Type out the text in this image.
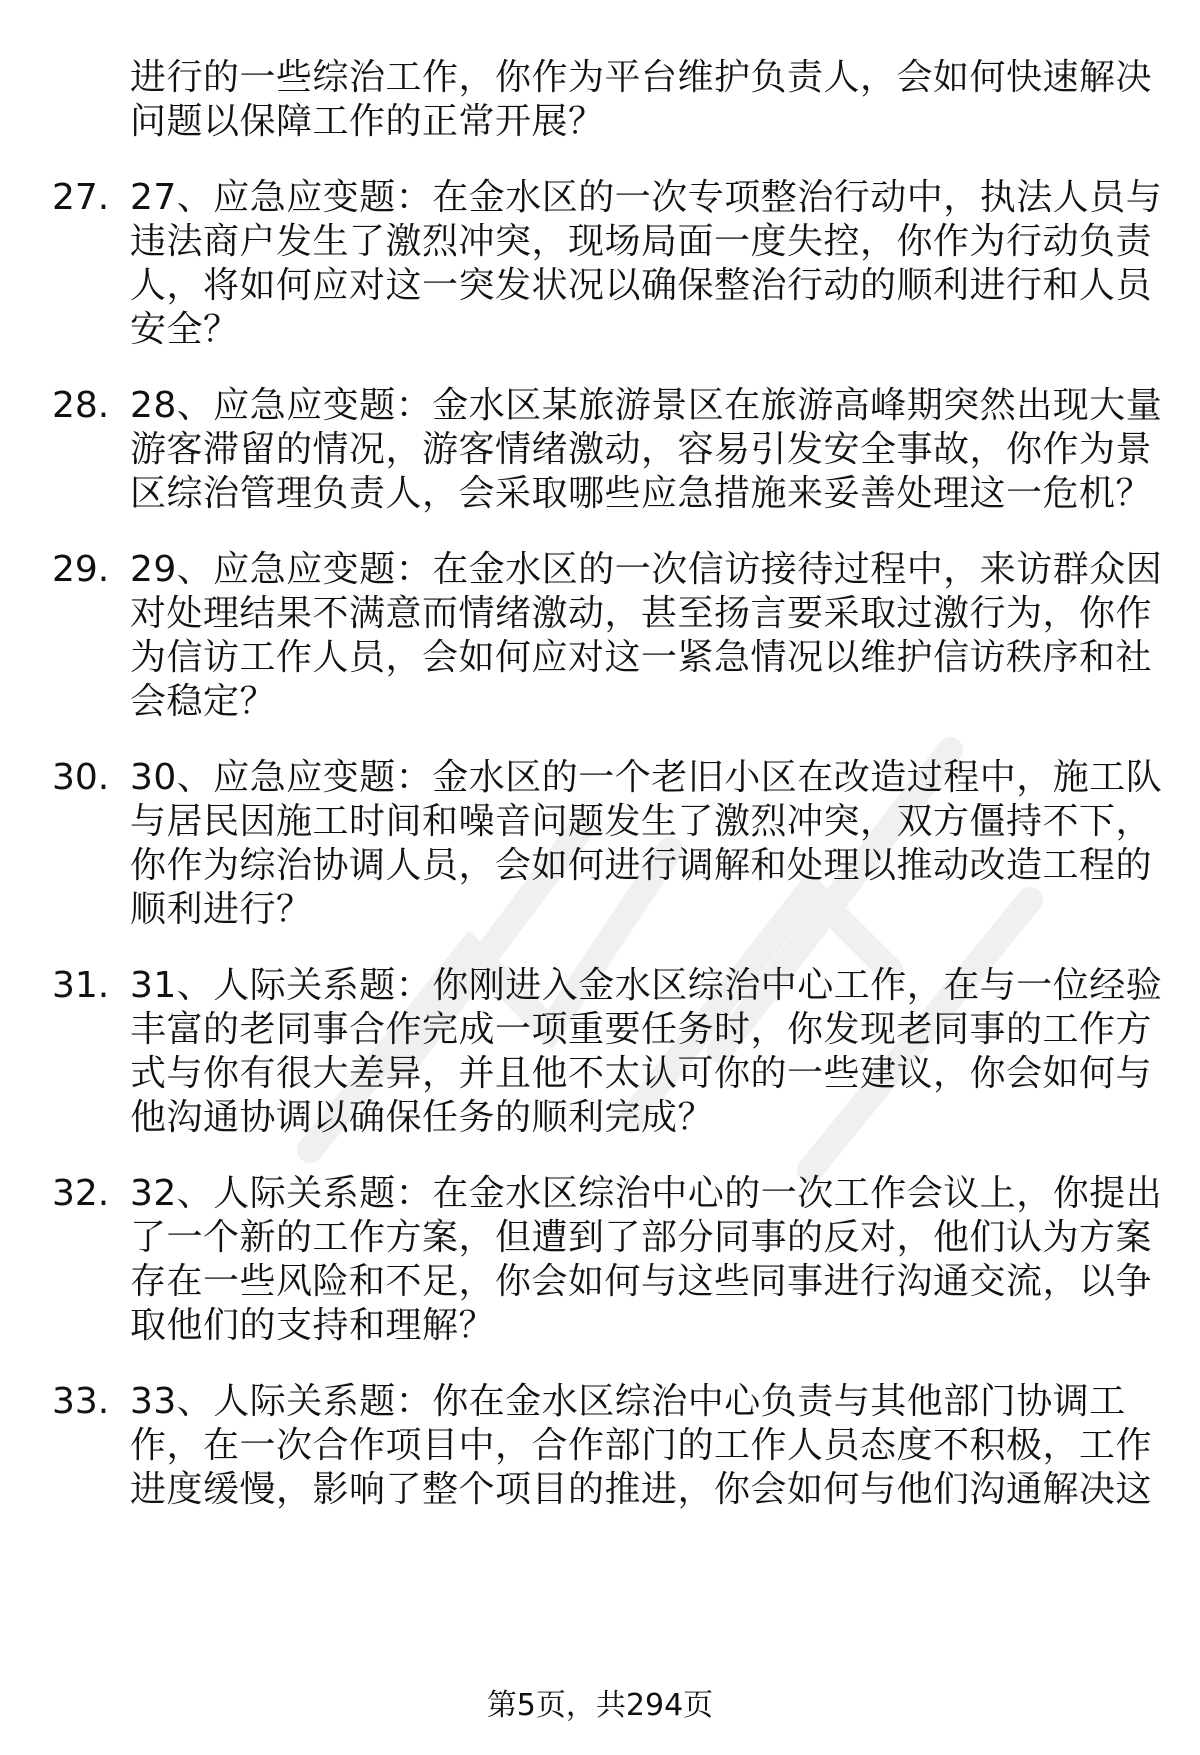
进行的一些综治工作，你作为平台维护负责人，会如何快速解决
问题以保障工作的正常开展？
27. 27、应急应变题：在金水区的一次专项整治行动中，执法人员与
违法商户发生了激烈冲突，现场局面一度失控，你作为行动负责
人，将如何应对这一突发状况以确保整治行动的顺利进行和人员
安全？
28. 28、应急应变题：金水区某旅游景区在旅游高峰期突然出现大量
游客滞留的情况，游客情绪激动，容易引发安全事故，你作为景
区综治管理负责人，会采取哪些应急措施来妥善处理这一危机？
29. 29、应急应变题：在金水区的一次信访接待过程中，来访群众因
对处理结果不满意而情绪激动，甚至扬言要采取过激行为，你作
为信访工作人员，会如何应对这一紧急情况以维护信访秩序和社
会稳定？
30. 30、应急应变题：金水区的一个老旧小区在改造过程中，施工队
与居民因施工时间和噪音问题发生了激烈冲突，双方僵持不下，
你作为综治协调人员，会如何进行调解和处理以推动改造工程的
顺利进行？
31. 31、人际关系题：你刚进入金水区综治中心工作，在与一位经验
丰富的老同事合作完成一项重要任务时，你发现老同事的工作方
式与你有很大差异，并且他不太认可你的一些建议，你会如何与
他沟通协调以确保任务的顺利完成？
32. 32、人际关系题：在金水区综治中心的一次工作会议上，你提出
了一个新的工作方案，但遭到了部分同事的反对，他们认为方案
存在一些风险和不足，你会如何与这些同事进行沟通交流，以争
取他们的支持和理解？
33. 33、人际关系题：你在金水区综治中心负责与其他部门协调工
作，在一次合作项目中，合作部门的工作人员态度不积极，工作
进度缓慢，影响了整个项目的推进，你会如何与他们沟通解决这
第5页，共294页
